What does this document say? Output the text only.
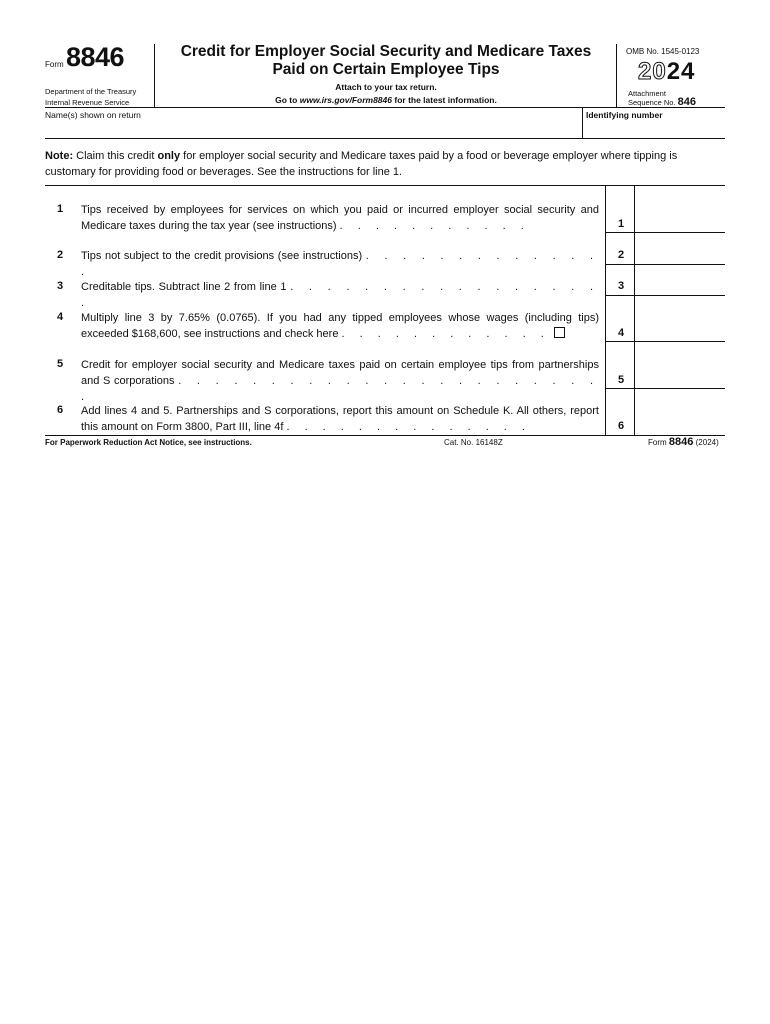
Form 8846
Department of the Treasury
Internal Revenue Service
Credit for Employer Social Security and Medicare Taxes
Paid on Certain Employee Tips
Attach to your tax return.
Go to www.irs.gov/Form8846 for the latest information.
OMB No. 1545-0123
2024
Attachment
Sequence No. 846
Name(s) shown on return	Identifying number
Note: Claim this credit only for employer social security and Medicare taxes paid by a food or beverage employer where tipping is customary for providing food or beverages. See the instructions for line 1.
1 Tips received by employees for services on which you paid or incurred employer social security and Medicare taxes during the tax year (see instructions) . . . . . . . . . . .	1
2 Tips not subject to the credit provisions (see instructions) . . . . . . . . . . . . . .
2
3 Creditable tips. Subtract line 2 from line 1 . . . . . . . . . . . . . . . . . .
3
4 Multiply line 3 by 7.65% (0.0765). If you had any tipped employees whose wages (including tips) exceeded $168,600, see instructions and check here . . . . . . . . . . . .	4
5 Credit for employer social security and Medicare taxes paid on certain employee tips from partnerships and S corporations . . . . . . . . . . . . . . . . . . . . . . . .
5
6 Add lines 4 and 5. Partnerships and S corporations, report this amount on Schedule K. All others, report this amount on Form 3800, Part III, line 4f . . . . . . . . . . . . . .	6
For Paperwork Reduction Act Notice, see instructions.	Cat. No. 16148Z	Form 8846 (2024)
